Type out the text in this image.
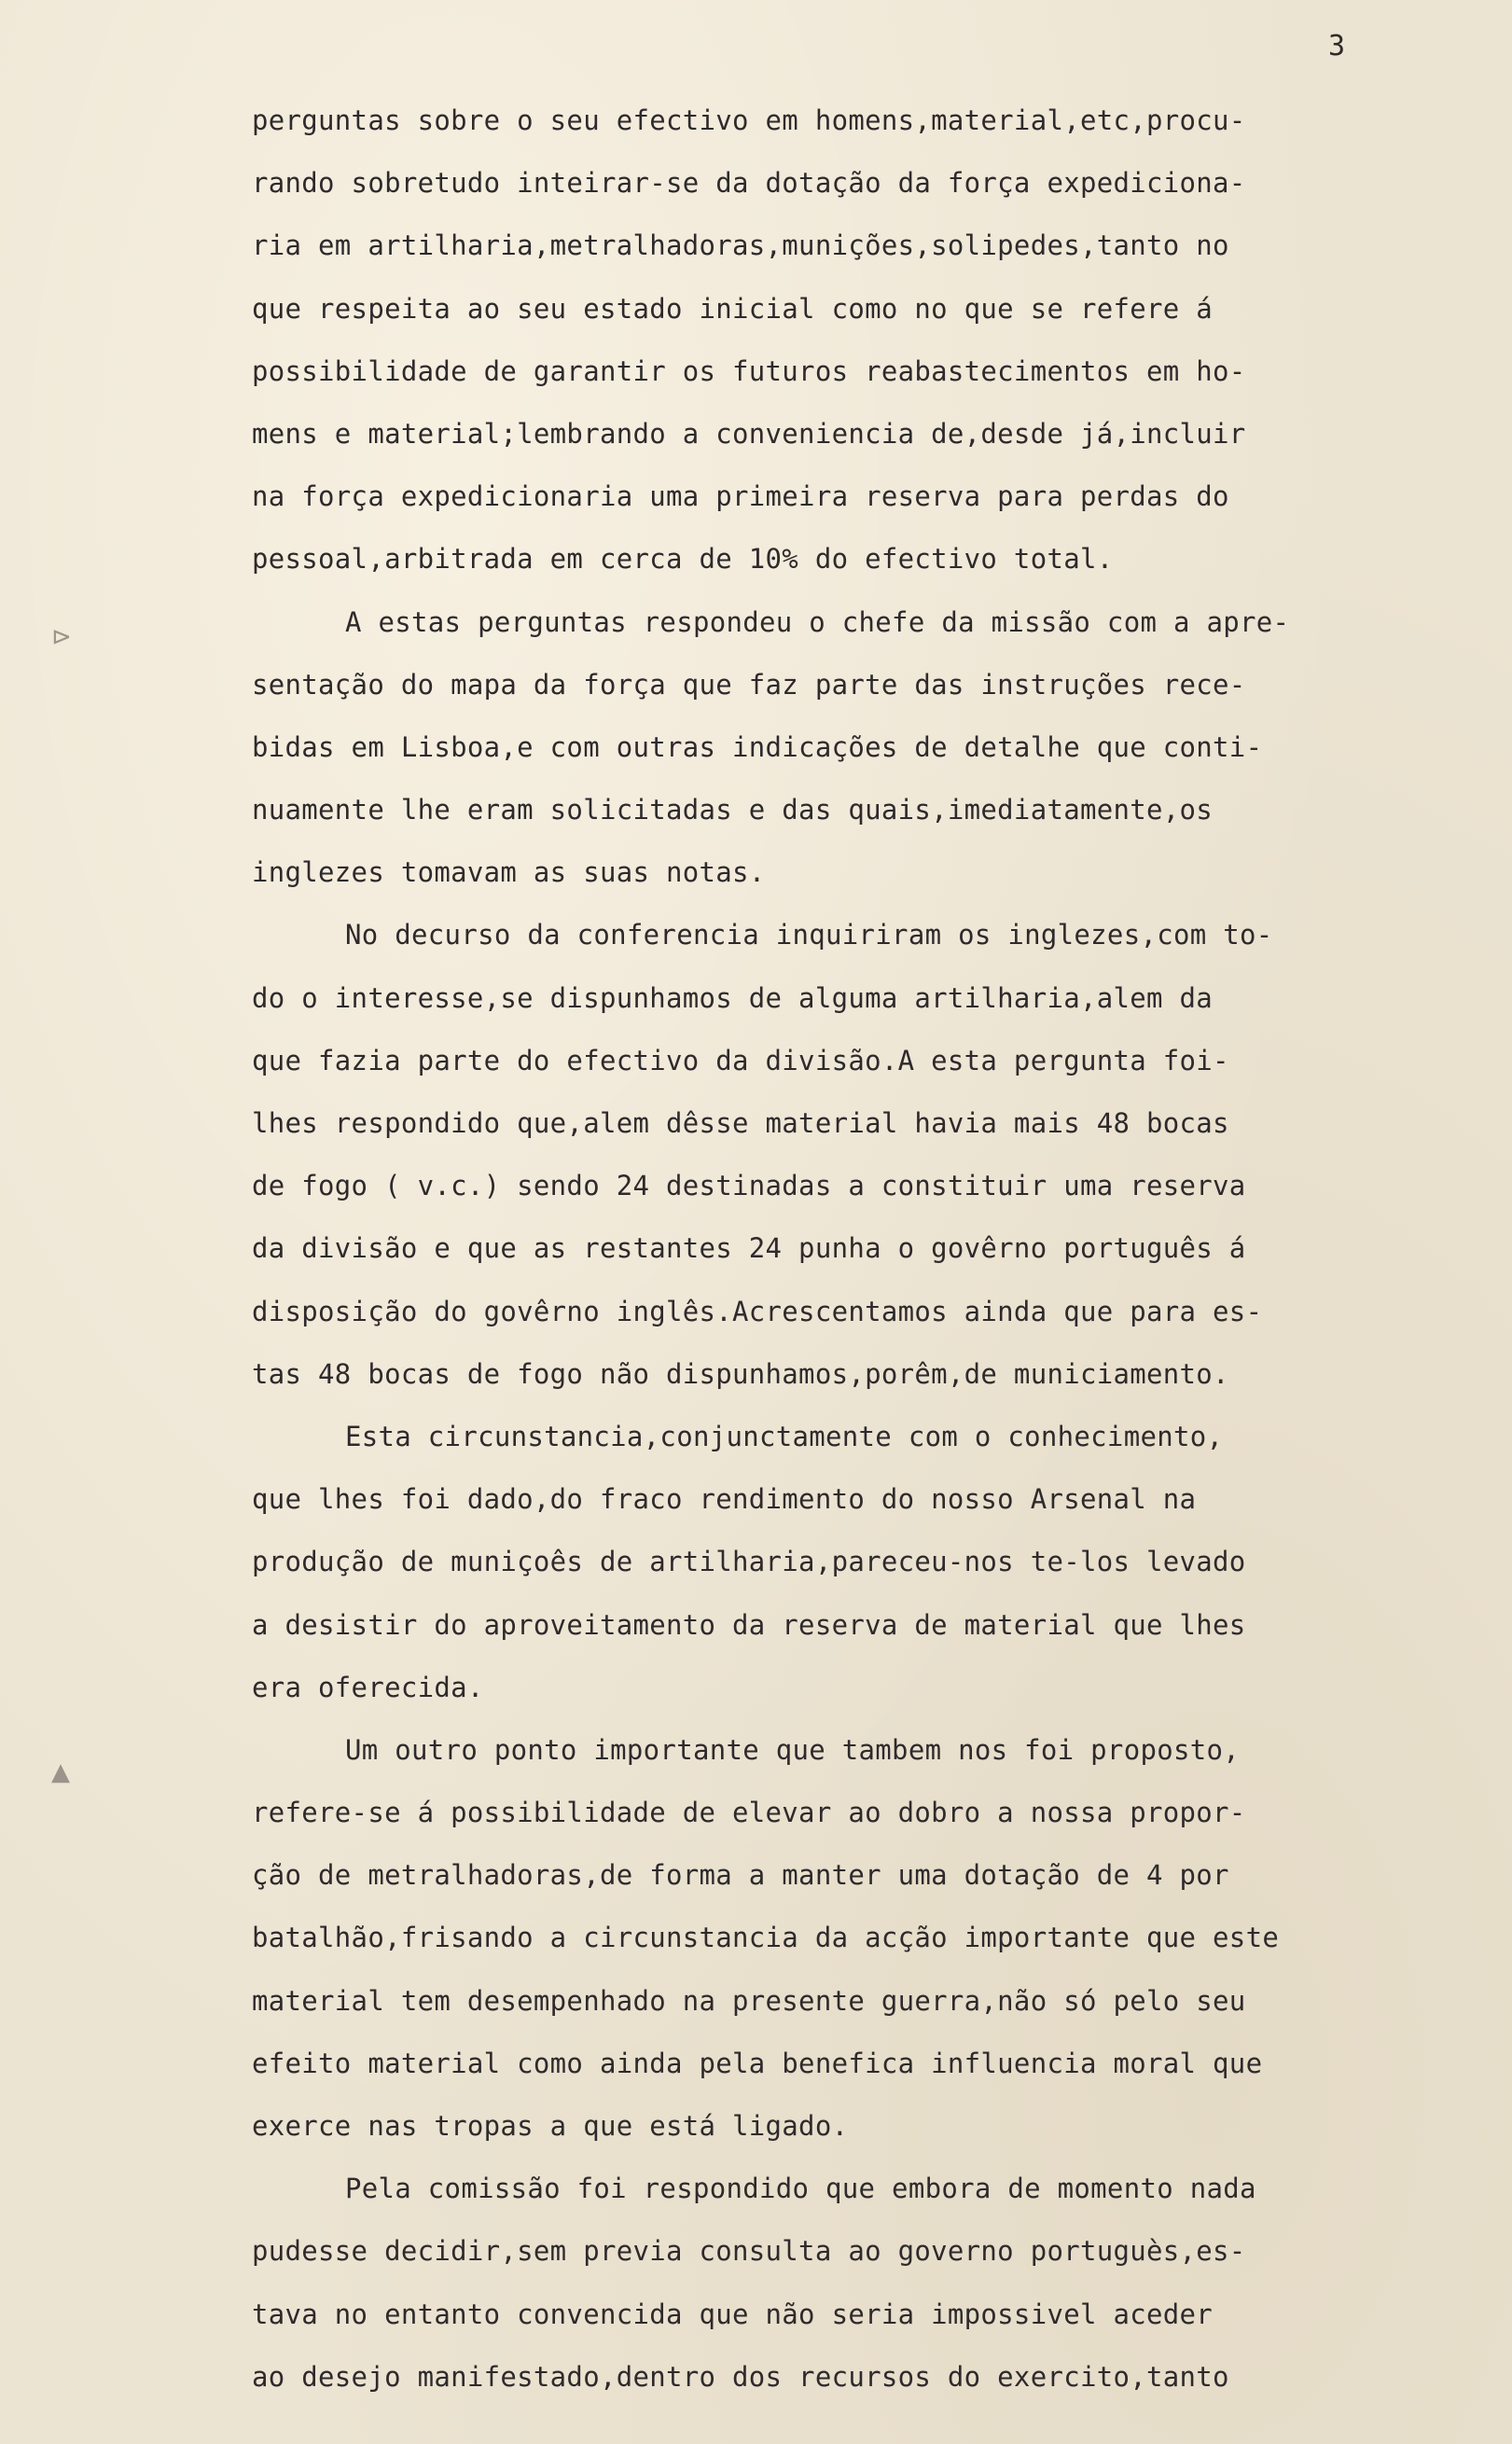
3
⊳
▲
perguntas sobre o seu efectivo em homens,material,etc,procu-
rando sobretudo inteirar-se da dotação da força expediciona-
ria em artilharia,metralhadoras,munições,solipedes,tanto no
que respeita ao seu estado inicial como no que se refere á
possibilidade de garantir os futuros reabastecimentos em ho-
mens e material;lembrando a conveniencia de,desde já,incluir
na força expedicionaria uma primeira reserva para perdas do
pessoal,arbitrada em cerca de 10% do efectivo total.
A estas perguntas respondeu o chefe da missão com a apre-
sentação do mapa da força que faz parte das instruções rece-
bidas em Lisboa,e com outras indicações de detalhe que conti-
nuamente lhe eram solicitadas e das quais,imediatamente,os
inglezes tomavam as suas notas.
No decurso da conferencia inquiriram os inglezes,com to-
do o interesse,se dispunhamos de alguma artilharia,alem da
que fazia parte do efectivo da divisão.A esta pergunta foi-
lhes respondido que,alem dêsse material havia mais 48 bocas
de fogo ( v.c.) sendo 24 destinadas a constituir uma reserva
da divisão e que as restantes 24 punha o govêrno português á
disposição do govêrno inglês.Acrescentamos ainda que para es-
tas 48 bocas de fogo não dispunhamos,porêm,de municiamento.
Esta circunstancia,conjunctamente com o conhecimento,
que lhes foi dado,do fraco rendimento do nosso Arsenal na
produção de muniçoês de artilharia,pareceu-nos te-los levado
a desistir do aproveitamento da reserva de material que lhes
era oferecida.
Um outro ponto importante que tambem nos foi proposto,
refere-se á possibilidade de elevar ao dobro a nossa propor-
ção de metralhadoras,de forma a manter uma dotação de 4 por
batalhão,frisando a circunstancia da acção importante que este
material tem desempenhado na presente guerra,não só pelo seu
efeito material como ainda pela benefica influencia moral que
exerce nas tropas a que está ligado.
Pela comissão foi respondido que embora de momento nada
pudesse decidir,sem previa consulta ao governo portuguès,es-
tava no entanto convencida que não seria impossivel aceder
ao desejo manifestado,dentro dos recursos do exercito,tanto
